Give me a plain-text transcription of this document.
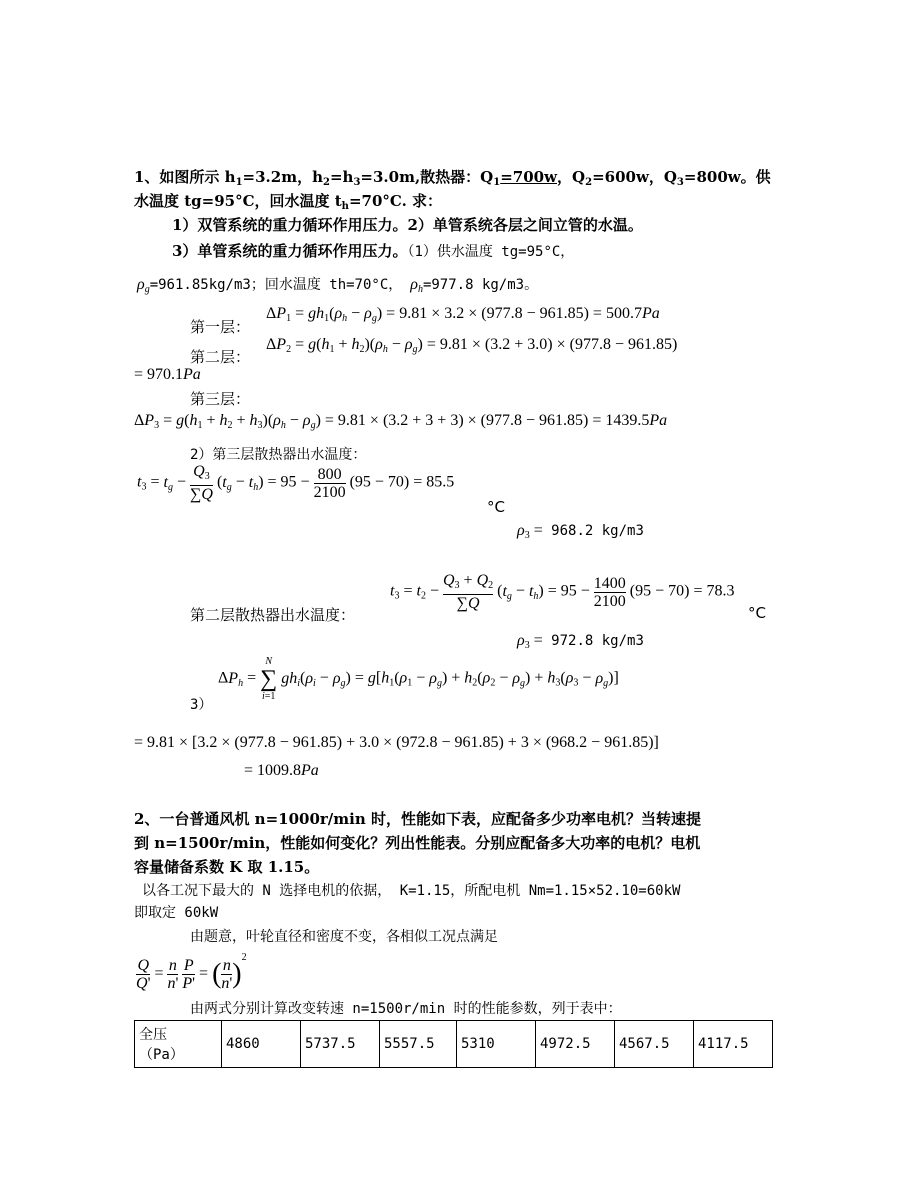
1、如图所示 $h_1=3.2m$，$h_2=h_3=3.0m$,散热器：$Q_1=700w$，$Q_2=600w$，$Q_3=800w$。供
水温度 tg=95°C，回水温度 $t_h=70^\circ C$. 求：
1）双管系统的重力循环作用压力。2）单管系统各层之间立管的水温。
3）单管系统的重力循环作用压力。（1）供水温度 tg=95°C，
$\rho_g=961.85kg/m3$；回水温度 th=70°C， $\rho_h=977.8$ kg/m3。
第一层：
$\Delta P_1 = gh_1(\rho_h - \rho_g) = 9.81 \times 3.2 \times (977.8 - 961.85) = 500.7Pa$
第二层：
$\Delta P_2 = g(h_1 + h_2)(\rho_h - \rho_g) = 9.81 \times (3.2 + 3.0) \times (977.8 - 961.85)$
= 970.1Pa
第三层：
$\Delta P_3 = g(h_1 + h_2 + h_3)(\rho_h - \rho_g) = 9.81 \times (3.2 + 3 + 3) \times (977.8 - 961.85) = 1439.5Pa$
2）第三层散热器出水温度：
$t_3 = t_g - \frac{Q_3}{\sum Q} (t_g - t_h) = 95 - \frac{800}{2100} (95 - 70) = 85.5$
°C
$\rho_3 = 968.2$ kg/m3
$t_3 = t_2 - \frac{Q_3 + Q_2}{\sum Q} (t_g - t_h) = 95 - \frac{1400}{2100} (95 - 70) = 78.3$
第二层散热器出水温度：	°C
$\rho_3 = 972.8$ kg/m3
$\Delta P_h$ =
N
∑
i=1
$gh_i(\rho_i - \rho_g) = g[h_1(\rho_1 - \rho_g) + h_2(\rho_2 - \rho_g) + h_3(\rho_3 - \rho_g)]$
3）
= 9.81 × [3.2 × (977.8 − 961.85) + 3.0 × (972.8 − 961.85) + 3 × (968.2 − 961.85)]
= 1009.8Pa
2、一台普通风机 n=1000r/min 时，性能如下表，应配备多少功率电机？当转速提
到 n=1500r/min，性能如何变化？列出性能表。分别应配备多大功率的电机？电机
容量储备系数 K 取 1.15。
以各工况下最大的 N 选择电机的依据， K=1.15，所配电机 Nm=1.15×52.10=60kW
即取定 60kW
由题意，叶轮直径和密度不变，各相似工况点满足
$\frac{Q}{Q'} = \frac{n}{n'}$
$\frac{P}{P'}$ = ( $\frac{n}{n'} )^2$
由两式分别计算改变转速 n=1500r/min 时的性能参数，列于表中：
全压
（Pa）
	4860	5737.5	5557.5	5310	4972.5	4567.5	4117.5
